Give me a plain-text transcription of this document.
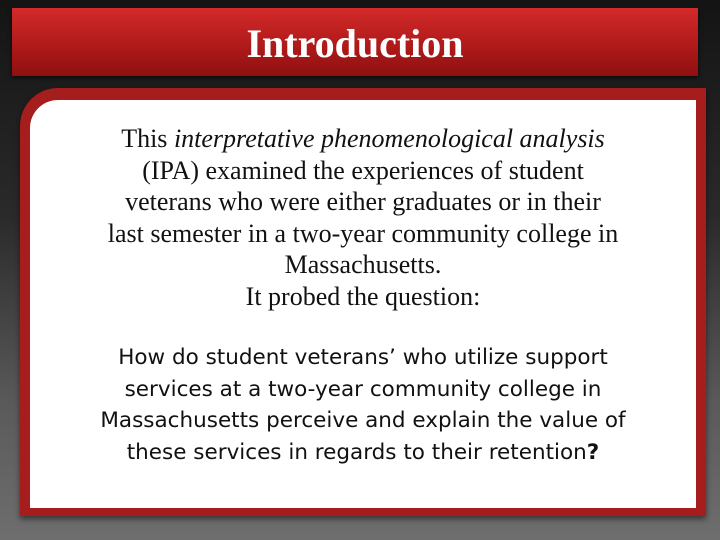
Introduction
This interpretative phenomenological analysis
(IPA) examined the experiences of student
veterans who were either graduates or in their
last semester in a two-year community college in
Massachusetts.
It probed the question:
How do student veterans’ who utilize support
services at a two-year community college in
Massachusetts perceive and explain the value of
these services in regards to their retention?
